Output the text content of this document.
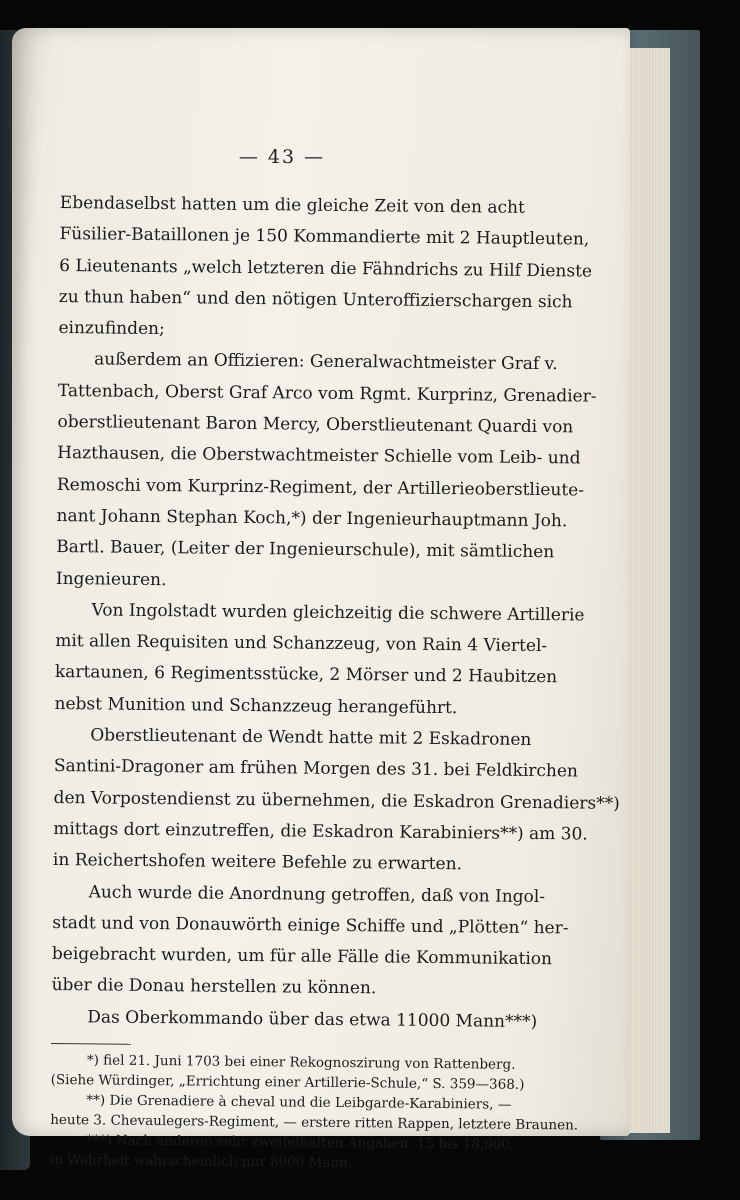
— 43 —
Ebendaselbst hatten um die gleiche Zeit von den acht
Füsilier-Bataillonen je 150 Kommandierte mit 2 Hauptleuten,
6 Lieutenants „welch letzteren die Fähndrichs zu Hilf Dienste
zu thun haben“ und den nötigen Unteroffizierschargen sich
einzufinden;
außerdem an Offizieren: Generalwachtmeister Graf v.
Tattenbach, Oberst Graf Arco vom Rgmt. Kurprinz, Grenadier-
oberstlieutenant Baron Mercy, Oberstlieutenant Quardi von
Hazthausen, die Oberstwachtmeister Schielle vom Leib- und
Remoschi vom Kurprinz-Regiment, der Artillerieoberstlieute-
nant Johann Stephan Koch,*) der Ingenieurhauptmann Joh.
Bartl. Bauer, (Leiter der Ingenieurschule), mit sämtlichen
Ingenieuren.
Von Ingolstadt wurden gleichzeitig die schwere Artillerie
mit allen Requisiten und Schanzzeug, von Rain 4 Viertel-
kartaunen, 6 Regimentsstücke, 2 Mörser und 2 Haubitzen
nebst Munition und Schanzzeug herangeführt.
Oberstlieutenant de Wendt hatte mit 2 Eskadronen
Santini-Dragoner am frühen Morgen des 31. bei Feldkirchen
den Vorpostendienst zu übernehmen, die Eskadron Grenadiers**)
mittags dort einzutreffen, die Eskadron Karabiniers**) am 30.
in Reichertshofen weitere Befehle zu erwarten.
Auch wurde die Anordnung getroffen, daß von Ingol-
stadt und von Donauwörth einige Schiffe und „Plötten“ her-
beigebracht wurden, um für alle Fälle die Kommunikation
über die Donau herstellen zu können.
Das Oberkommando über das etwa 11000 Mann***)
*) fiel 21. Juni 1703 bei einer Rekognoszirung von Rattenberg.
(Siehe Würdinger, „Errichtung einer Artillerie-Schule,“ S. 359—368.)
**) Die Grenadiere à cheval und die Leibgarde-Karabiniers, —
heute 3. Chevaulegers-Regiment, — erstere ritten Rappen, letztere Braunen.
***) Nach anderen sehr zweifelhaften Angaben: 15 bis 18,000,
in Wahrheit wahrscheinlich nur 8000 Mann.
